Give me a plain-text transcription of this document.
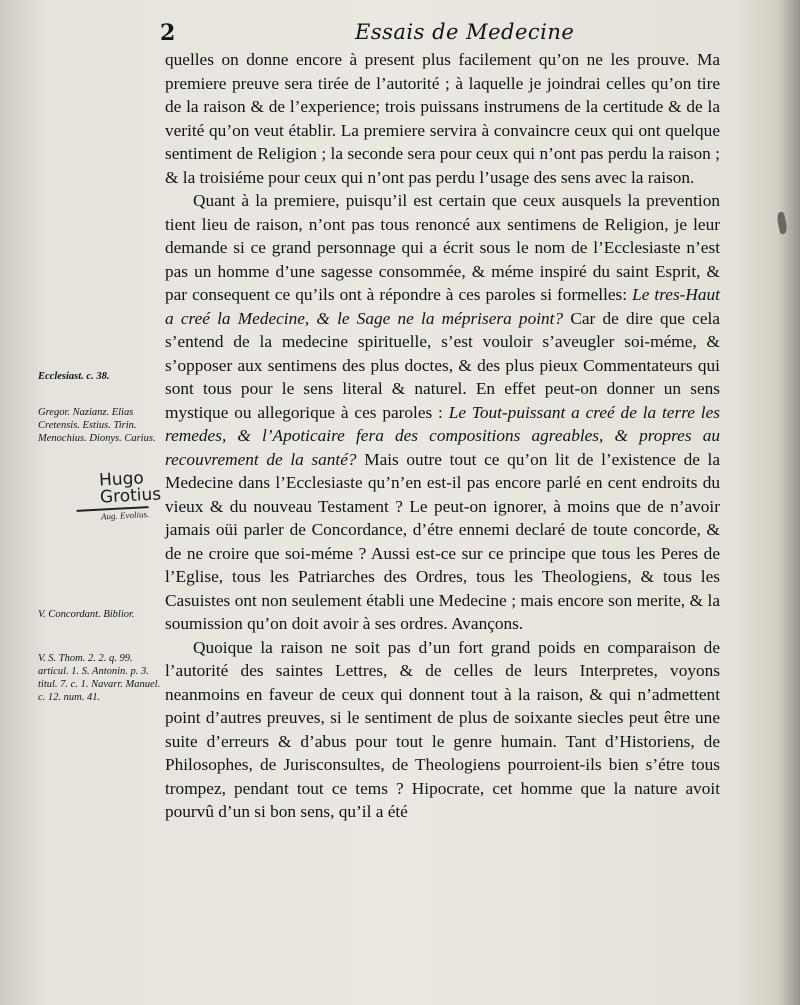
2	Essais de Medecine
Ecclesiast. c. 38.
Gregor. Nazianz. Elias Cretensis. Estius. Tirin. Menochius. Dionys. Carius.
Hugo
Grotius
Aug. Evolius.
V. Concordant. Biblior.
V. S. Thom. 2. 2. q. 99. articul. 1. S. Antonin. p. 3. titul. 7. c. 1. Navarr. Manuel. c. 12. num. 41.

quelles on donne encore à present plus facilement qu’on ne les prouve. Ma premiere preuve sera tirée de l’autorité ; à laquelle je joindrai celles qu’on tire de la raison & de l’experience; trois puissans instrumens de la certitude & de la verité qu’on veut établir. La premiere servira à convaincre ceux qui ont quelque sentiment de Religion ; la seconde sera pour ceux qui n’ont pas perdu la raison ; & la troisiéme pour ceux qui n’ont pas perdu l’usage des sens avec la raison.

Quant à la premiere, puisqu’il est certain que ceux ausquels la prevention tient lieu de raison, n’ont pas tous renoncé aux sentimens de Religion, je leur demande si ce grand personnage qui a écrit sous le nom de l’Ecclesiaste n’est pas un homme d’une sagesse consommée, & méme inspiré du saint Esprit, & par consequent ce qu’ils ont à répondre à ces paroles si formelles: Le tres-Haut a creé la Medecine, & le Sage ne la méprisera point? Car de dire que cela s’entend de la medecine spirituelle, s’est vouloir s’aveugler soi-méme, & s’opposer aux sentimens des plus doctes, & des plus pieux Commentateurs qui sont tous pour le sens literal & naturel. En effet peut-on donner un sens mystique ou allegorique à ces paroles : Le Tout-puissant a creé de la terre les remedes, & l’Apoticaire fera des compositions agreables, & propres au recouvrement de la santé? Mais outre tout ce qu’on lit de l’existence de la Medecine dans l’Ecclesiaste qu’n’en est-il pas encore parlé en cent endroits du vieux & du nouveau Testament ? Le peut-on ignorer, à moins que de n’avoir jamais oüi parler de Concordance, d’étre ennemi declaré de toute concorde, & de ne croire que soi-méme ? Aussi est-ce sur ce principe que tous les Peres de l’Eglise, tous les Patriarches des Ordres, tous les Theologiens, & tous les Casuistes ont non seulement établi une Medecine ; mais encore son merite, & la soumission qu’on doit avoir à ses ordres. Avançons.

Quoique la raison ne soit pas d’un fort grand poids en comparaison de l’autorité des saintes Lettres, & de celles de leurs Interpretes, voyons neanmoins en faveur de ceux qui donnent tout à la raison, & qui n’admettent point d’autres preuves, si le sentiment de plus de soixante siecles peut être une suite d’erreurs & d’abus pour tout le genre humain. Tant d’Historiens, de Philosophes, de Jurisconsultes, de Theologiens pourroient-ils bien s’étre tous trompez, pendant tout ce tems ? Hipocrate, cet homme que la nature avoit pourvû d’un si bon sens, qu’il a été
